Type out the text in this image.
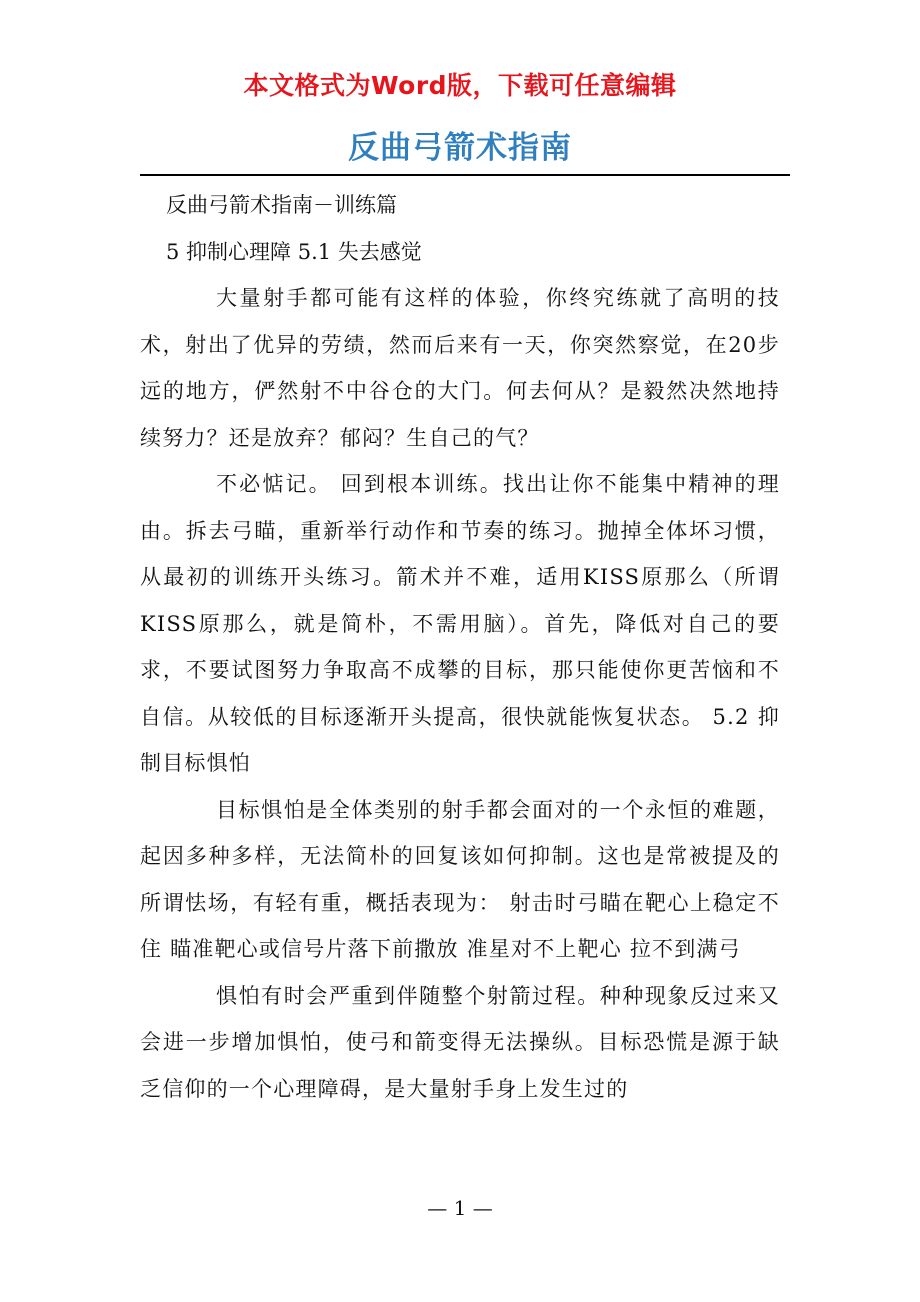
本文格式为Word版，下载可任意编辑
反曲弓箭术指南

反曲弓箭术指南－训练篇

5 抑制心理障 5.1 失去感觉

大量射手都可能有这样的体验，你终究练就了高明的技术，射出了优异的劳绩，然而后来有一天，你突然察觉，在20步远的地方，俨然射不中谷仓的大门。何去何从？是毅然决然地持续努力？还是放弃？郁闷？生自己的气？

不必惦记。 回到根本训练。找出让你不能集中精神的理由。拆去弓瞄，重新举行动作和节奏的练习。抛掉全体坏习惯，从最初的训练开头练习。箭术并不难，适用KISS原那么（所谓KISS原那么，就是简朴，不需用脑）。首先，降低对自己的要求，不要试图努力争取高不成攀的目标，那只能使你更苦恼和不自信。从较低的目标逐渐开头提高，很快就能恢复状态。 5.2 抑制目标惧怕

目标惧怕是全体类别的射手都会面对的一个永恒的难题，起因多种多样，无法简朴的回复该如何抑制。这也是常被提及的所谓怯场，有轻有重，概括表现为： 射击时弓瞄在靶心上稳定不住 瞄准靶心或信号片落下前撒放 准星对不上靶心 拉不到满弓

惧怕有时会严重到伴随整个射箭过程。种种现象反过来又会进一步增加惧怕，使弓和箭变得无法操纵。目标恐慌是源于缺乏信仰的一个心理障碍，是大量射手身上发生过的

— 1 —
